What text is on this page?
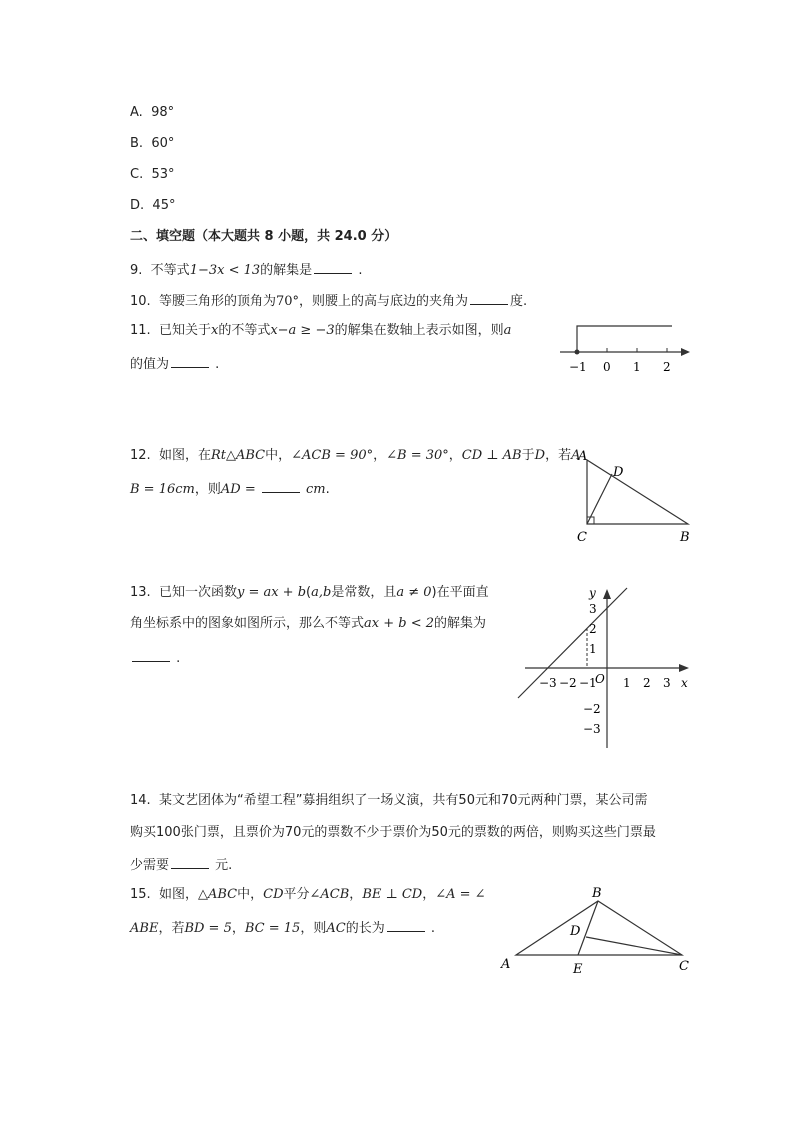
A. 98°
B. 60°
C. 53°
D. 45°
二、填空题（本大题共 8 小题，共 24.0 分）
9. 不等式1−3x < 13的解集是	.
10. 等腰三角形的顶角为70°，则腰上的高与底边的夹角为	度.
11. 已知关于x的不等式x−a ≥ −3的解集在数轴上表示如图，则a
的值为	.	−1 0 1 2
12. 如图，在Rt△ABC中，∠ACB = 90°，∠B = 30°，CD ⊥ AB于D，若A
B = 16cm，则AD =	cm.
A
D
C	B
13. 已知一次函数y = ax + b(a,b是常数，且a ≠ 0)在平面直
角坐标系中的图象如图所示，那么不等式ax + b < 2的解集为
.
x
y
O
−3 −2 −1 1 2 3
3
2
1
−2
−3
14. 某文艺团体为“希望工程”募捐组织了一场义演，共有50元和70元两种门票，某公司需
购买100张门票，且票价为70元的票数不少于票价为50元的票数的两倍，则购买这些门票最
少需要	元.
15. 如图，△ABC中，CD平分∠ACB，BE ⊥ CD，∠A = ∠
ABE，若BD = 5，BC = 15，则AC的长为	.
A
B
C
D
E
